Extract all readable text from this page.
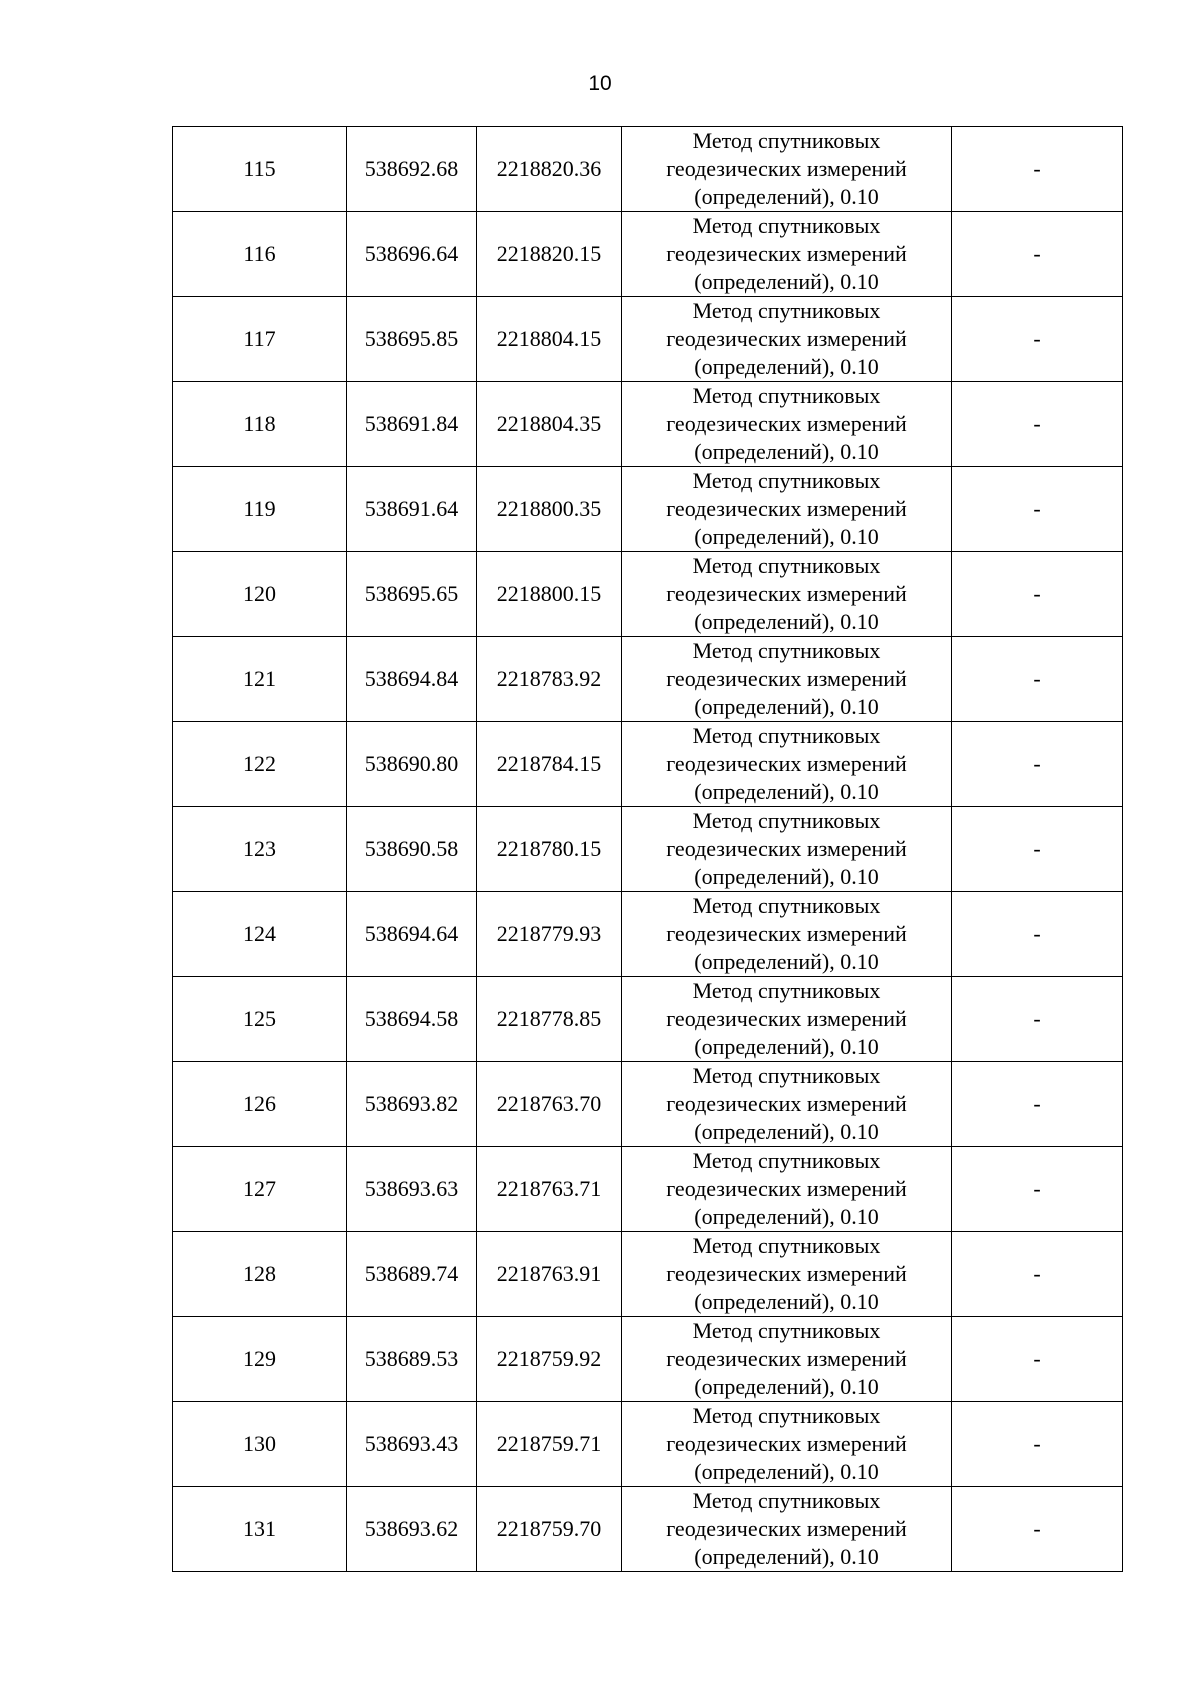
10
115	538692.68	2218820.36	Метод спутниковых
геодезических измерений
(определений), 0.10	-
116	538696.64	2218820.15	Метод спутниковых
геодезических измерений
(определений), 0.10	-
117	538695.85	2218804.15	Метод спутниковых
геодезических измерений
(определений), 0.10	-
118	538691.84	2218804.35	Метод спутниковых
геодезических измерений
(определений), 0.10	-
119	538691.64	2218800.35	Метод спутниковых
геодезических измерений
(определений), 0.10	-
120	538695.65	2218800.15	Метод спутниковых
геодезических измерений
(определений), 0.10	-
121	538694.84	2218783.92	Метод спутниковых
геодезических измерений
(определений), 0.10	-
122	538690.80	2218784.15	Метод спутниковых
геодезических измерений
(определений), 0.10	-
123	538690.58	2218780.15	Метод спутниковых
геодезических измерений
(определений), 0.10	-
124	538694.64	2218779.93	Метод спутниковых
геодезических измерений
(определений), 0.10	-
125	538694.58	2218778.85	Метод спутниковых
геодезических измерений
(определений), 0.10	-
126	538693.82	2218763.70	Метод спутниковых
геодезических измерений
(определений), 0.10	-
127	538693.63	2218763.71	Метод спутниковых
геодезических измерений
(определений), 0.10	-
128	538689.74	2218763.91	Метод спутниковых
геодезических измерений
(определений), 0.10	-
129	538689.53	2218759.92	Метод спутниковых
геодезических измерений
(определений), 0.10	-
130	538693.43	2218759.71	Метод спутниковых
геодезических измерений
(определений), 0.10	-
131	538693.62	2218759.70	Метод спутниковых
геодезических измерений
(определений), 0.10	-
